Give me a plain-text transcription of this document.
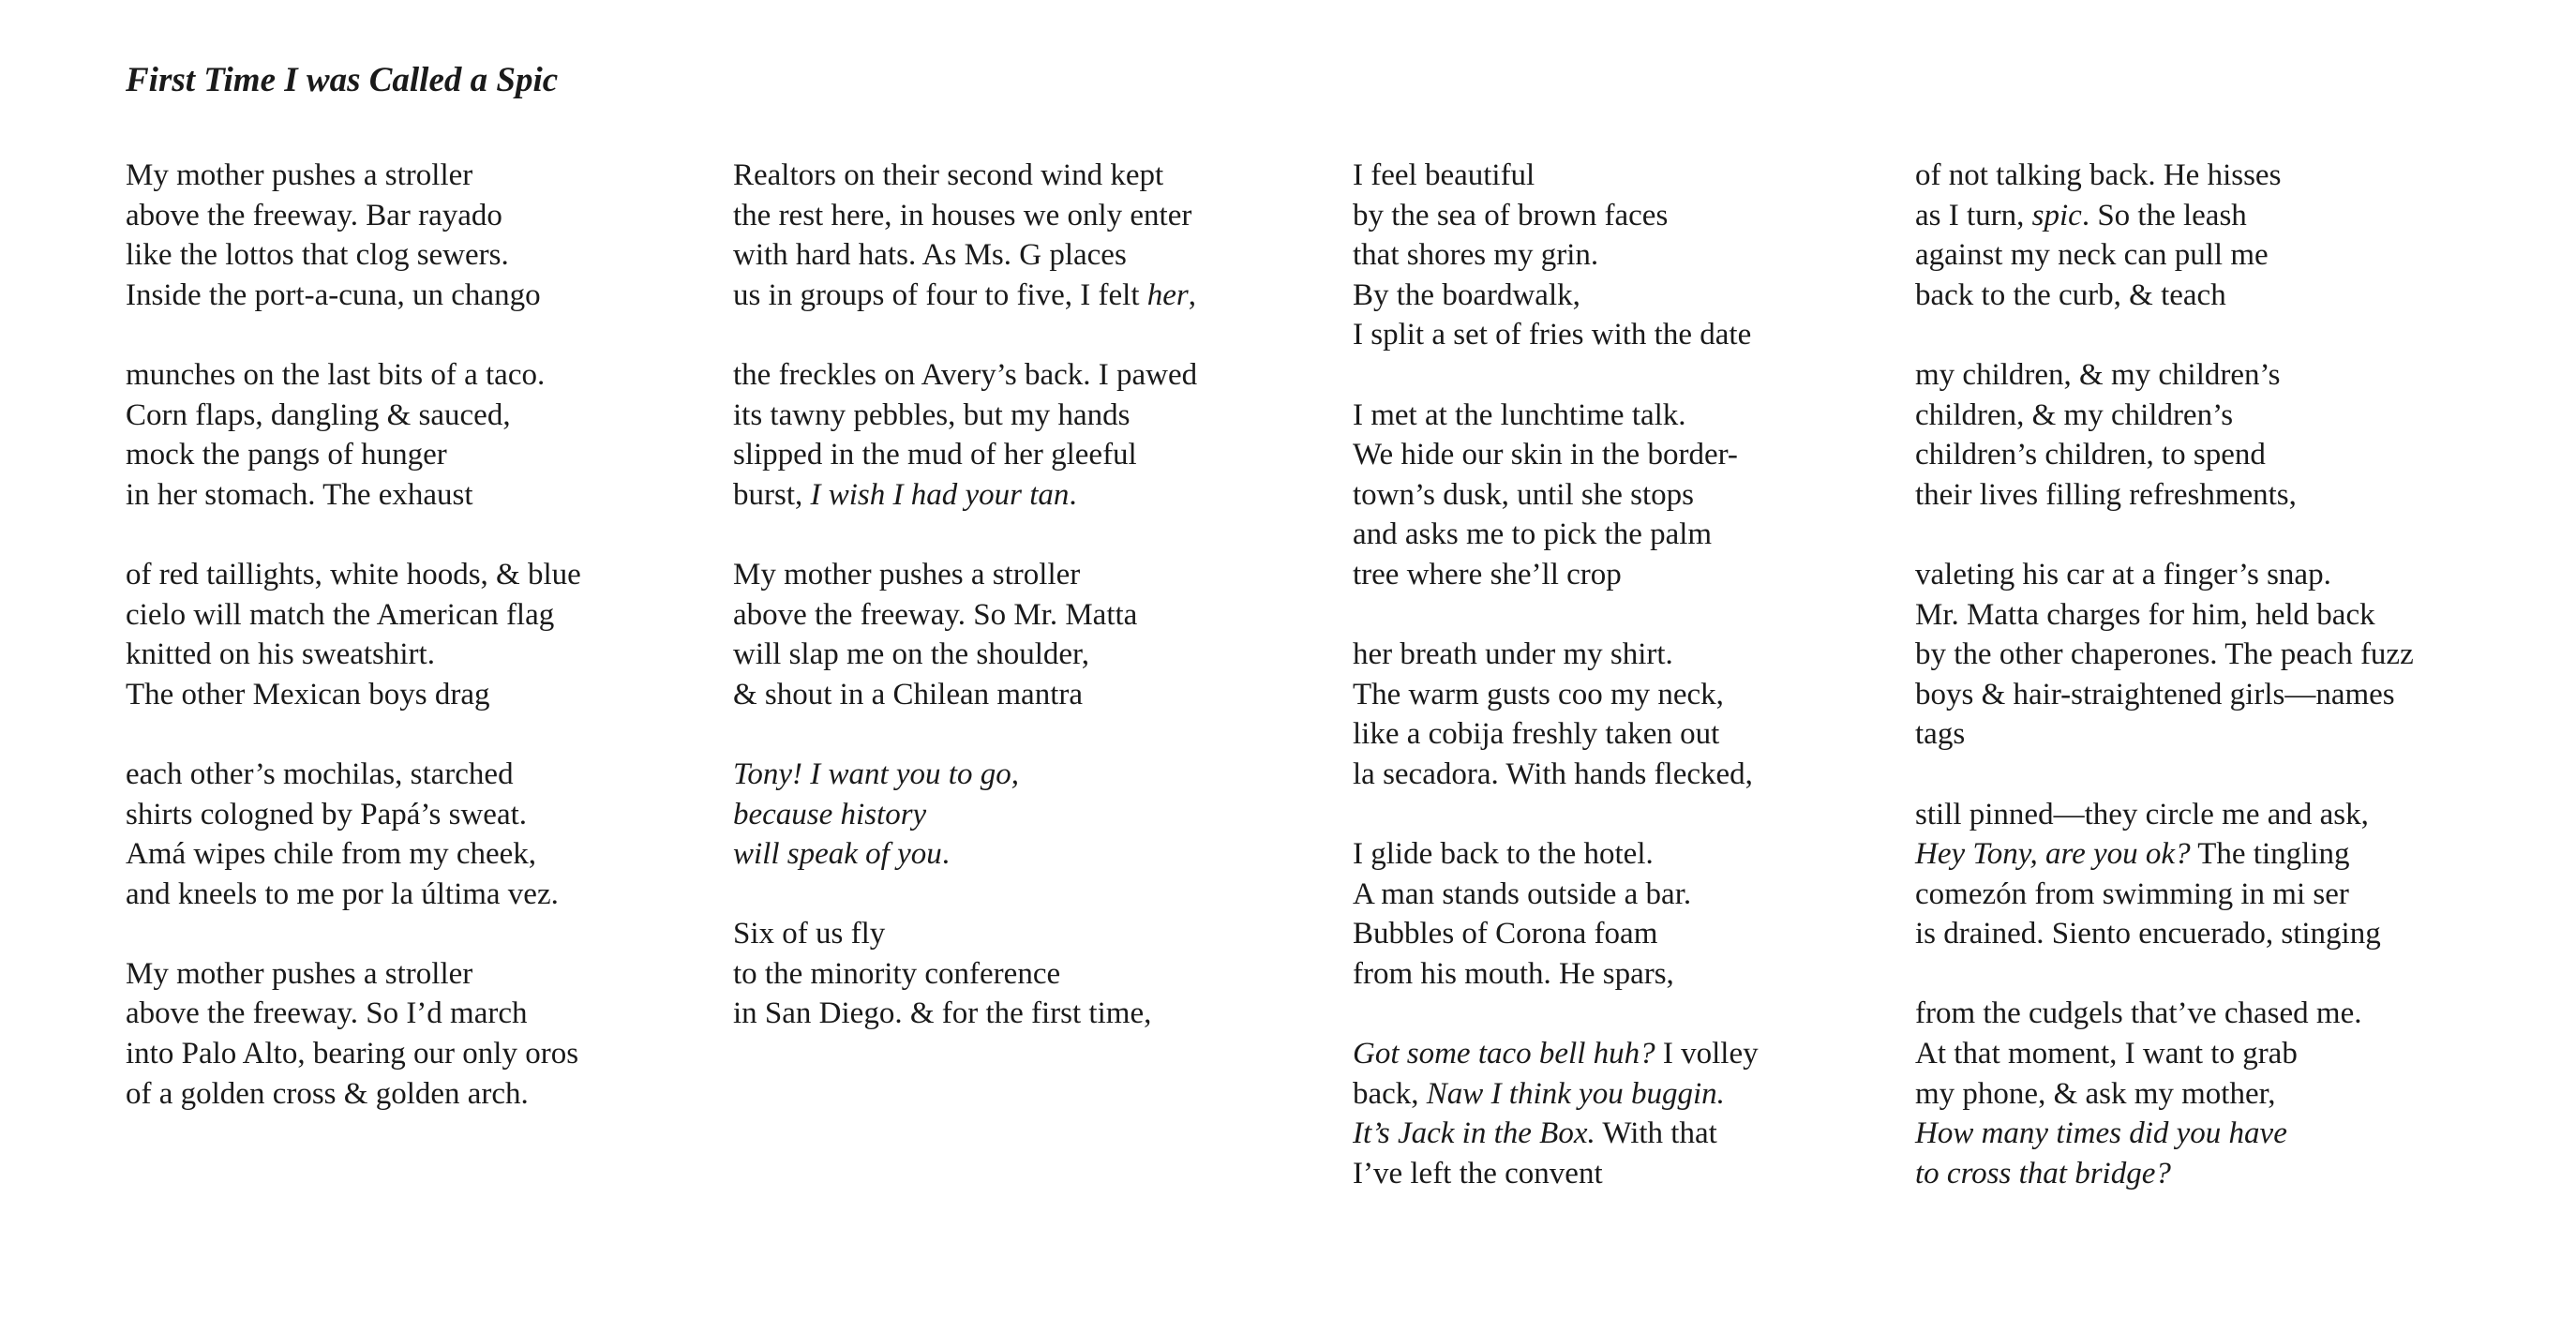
First Time I was Called a Spic
My mother pushes a stroller
above the freeway. Bar rayado
like the lottos that clog sewers.
Inside the port-a-cuna, un chango
munches on the last bits of a taco.
Corn flaps, dangling & sauced,
mock the pangs of hunger
in her stomach. The exhaust
of red taillights, white hoods, & blue
cielo will match the American flag
knitted on his sweatshirt.
The other Mexican boys drag
each other’s mochilas, starched
shirts cologned by Papá’s sweat.
Amá wipes chile from my cheek,
and kneels to me por la última vez.
My mother pushes a stroller
above the freeway. So I’d march
into Palo Alto, bearing our only oros
of a golden cross & golden arch.
Realtors on their second wind kept
the rest here, in houses we only enter
with hard hats. As Ms. G places
us in groups of four to five, I felt her,
the freckles on Avery’s back. I pawed
its tawny pebbles, but my hands
slipped in the mud of her gleeful
burst, I wish I had your tan.
My mother pushes a stroller
above the freeway. So Mr. Matta
will slap me on the shoulder,
& shout in a Chilean mantra
Tony! I want you to go,
because history
will speak of you.
Six of us fly
to the minority conference
in San Diego. & for the first time,
I feel beautiful
by the sea of brown faces
that shores my grin.
By the boardwalk,
I split a set of fries with the date
I met at the lunchtime talk.
We hide our skin in the border-
town’s dusk, until she stops
and asks me to pick the palm
tree where she’ll crop
her breath under my shirt.
The warm gusts coo my neck,
like a cobija freshly taken out
la secadora. With hands flecked,
I glide back to the hotel.
A man stands outside a bar.
Bubbles of Corona foam
from his mouth. He spars,
Got some taco bell huh? I volley
back, Naw I think you buggin.
It’s Jack in the Box. With that
I’ve left the convent
of not talking back. He hisses
as I turn, spic. So the leash
against my neck can pull me
back to the curb, & teach
my children, & my children’s
children, & my children’s
children’s children, to spend
their lives filling refreshments,
valeting his car at a finger’s snap.
Mr. Matta charges for him, held back
by the other chaperones. The peach fuzz
boys & hair-straightened girls—names
tags
still pinned—they circle me and ask,
Hey Tony, are you ok? The tingling
comezón from swimming in mi ser
is drained. Siento encuerado, stinging
from the cudgels that’ve chased me.
At that moment, I want to grab
my phone, & ask my mother,
How many times did you have
to cross that bridge?
